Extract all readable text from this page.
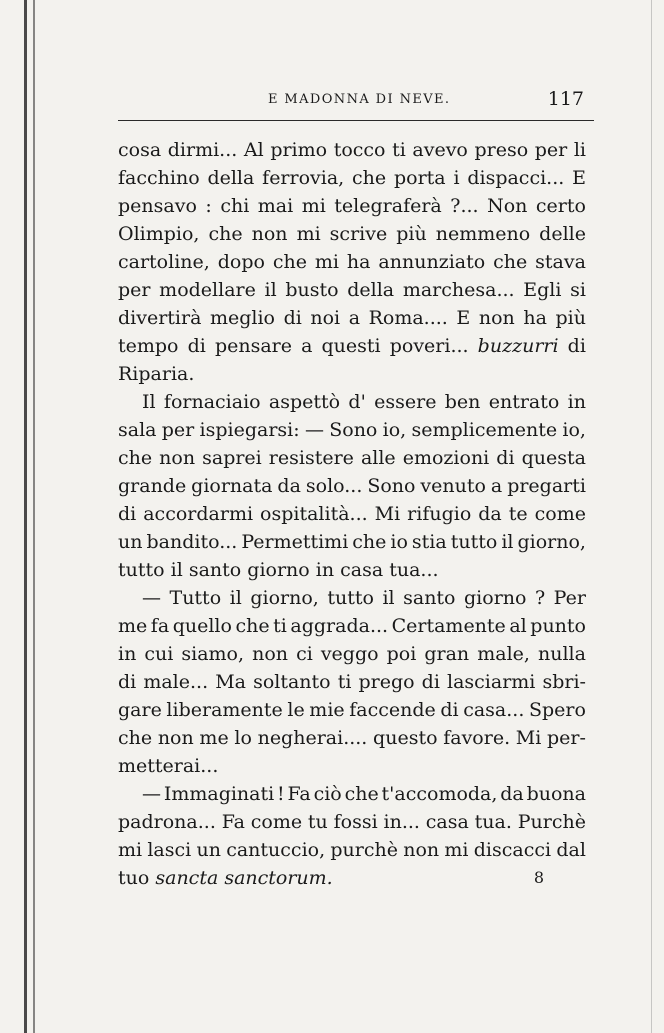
E MADONNA DI NEVE.	117
cosa dirmi... Al primo tocco ti avevo preso per li
facchino della ferrovia, che porta i dispacci... E
pensavo : chi mai mi telegraferà ?... Non certo
Olimpio, che non mi scrive più nemmeno delle
cartoline, dopo che mi ha annunziato che stava
per modellare il busto della marchesa... Egli si
divertirà meglio di noi a Roma.... E non ha più
tempo di pensare a questi poveri... buzzurri di
Riparia.
Il fornaciaio aspettò d' essere ben entrato in
sala per ispiegarsi: — Sono io, semplicemente io,
che non saprei resistere alle emozioni di questa
grande giornata da solo... Sono venuto a pregarti
di accordarmi ospitalità... Mi rifugio da te come
un bandito... Permettimi che io stia tutto il giorno,
tutto
il
santo
giorno
in
casa
tua...
— Tutto il giorno, tutto il santo giorno ? Per
me fa quello che ti aggrada... Certamente al punto
in cui siamo, non ci veggo poi gran male, nulla
di male... Ma soltanto ti prego di lasciarmi sbri-
gare liberamente le mie faccende di casa... Spero
che non me lo negherai.... questo favore. Mi per-
metterai...
— Immaginati ! Fa ciò che t'accomoda, da buona
padrona... Fa come tu fossi in... casa tua. Purchè
mi lasci un cantuccio, purchè non mi discacci dal
tuo
sancta sanctorum.	8
